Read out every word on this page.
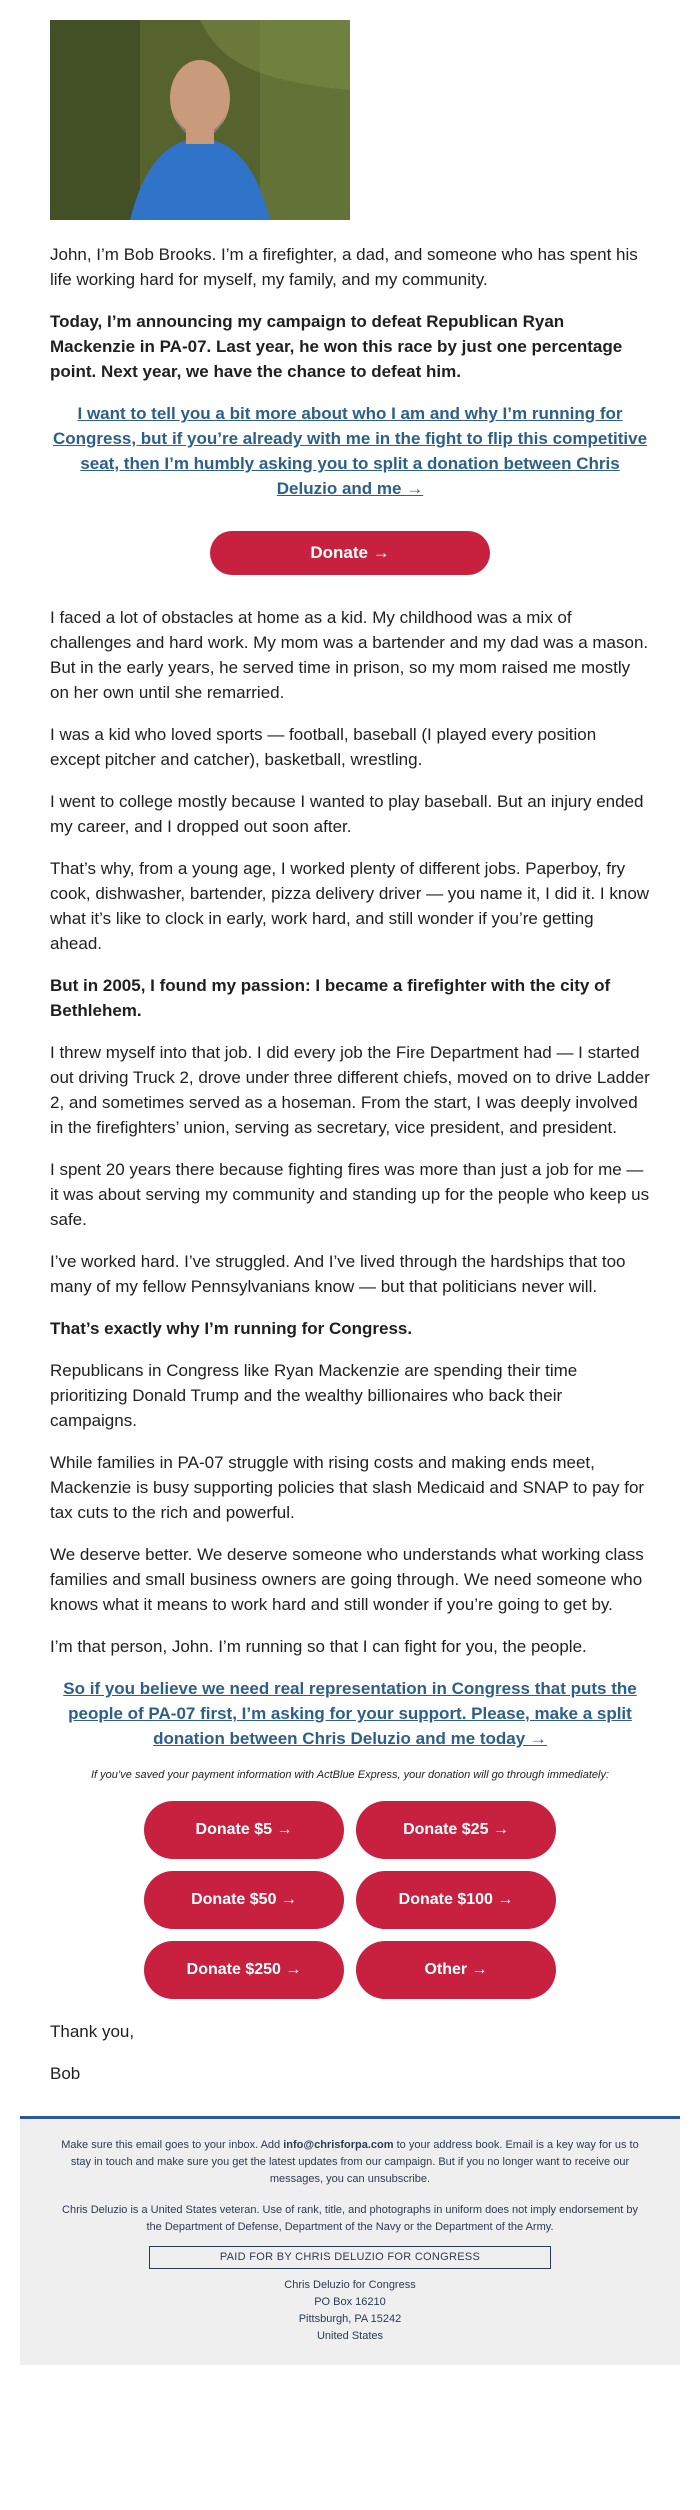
John, I’m Bob Brooks. I’m a firefighter, a dad, and someone who has spent his life working hard for myself, my family, and my community.

Today, I’m announcing my campaign to defeat Republican Ryan Mackenzie in PA-07. Last year, he won this race by just one percentage point. Next year, we have the chance to defeat him.

I want to tell you a bit more about who I am and why I’m running for Congress, but if you’re already with me in the fight to flip this competitive seat, then I’m humbly asking you to split a donation between Chris Deluzio and me →

Donate →

I faced a lot of obstacles at home as a kid. My childhood was a mix of challenges and hard work. My mom was a bartender and my dad was a mason. But in the early years, he served time in prison, so my mom raised me mostly on her own until she remarried.

I was a kid who loved sports — football, baseball (I played every position except pitcher and catcher), basketball, wrestling.

I went to college mostly because I wanted to play baseball. But an injury ended my career, and I dropped out soon after.

That’s why, from a young age, I worked plenty of different jobs. Paperboy, fry cook, dishwasher, bartender, pizza delivery driver — you name it, I did it. I know what it’s like to clock in early, work hard, and still wonder if you’re getting ahead.

But in 2005, I found my passion: I became a firefighter with the city of Bethlehem.

I threw myself into that job. I did every job the Fire Department had — I started out driving Truck 2, drove under three different chiefs, moved on to drive Ladder 2, and sometimes served as a hoseman. From the start, I was deeply involved in the firefighters’ union, serving as secretary, vice president, and president.

I spent 20 years there because fighting fires was more than just a job for me — it was about serving my community and standing up for the people who keep us safe.

I’ve worked hard. I’ve struggled. And I’ve lived through the hardships that too many of my fellow Pennsylvanians know — but that politicians never will.

That’s exactly why I’m running for Congress.

Republicans in Congress like Ryan Mackenzie are spending their time prioritizing Donald Trump and the wealthy billionaires who back their campaigns.

While families in PA-07 struggle with rising costs and making ends meet, Mackenzie is busy supporting policies that slash Medicaid and SNAP to pay for tax cuts to the rich and powerful.

We deserve better. We deserve someone who understands what working class families and small business owners are going through. We need someone who knows what it means to work hard and still wonder if you’re going to get by.

I’m that person, John. I’m running so that I can fight for you, the people.

So if you believe we need real representation in Congress that puts the people of PA-07 first, I’m asking for your support. Please, make a split donation between Chris Deluzio and me today →

If you’ve saved your payment information with ActBlue Express, your donation will go through immediately:
Donate $5 →	Donate $25 →
Donate $50 →	Donate $100 →
Donate $250 →	Other →

Thank you,

Bob

Make sure this email goes to your inbox. Add info@chrisforpa.com to your address book. Email is a key way for us to stay in touch and make sure you get the latest updates from our campaign. But if you no longer want to receive our messages, you can unsubscribe.

Chris Deluzio is a United States veteran. Use of rank, title, and photographs in uniform does not imply endorsement by the Department of Defense, Department of the Navy or the Department of the Army.

PAID FOR BY CHRIS DELUZIO FOR CONGRESS
Chris Deluzio for Congress
PO Box 16210
Pittsburgh, PA 15242
United States
